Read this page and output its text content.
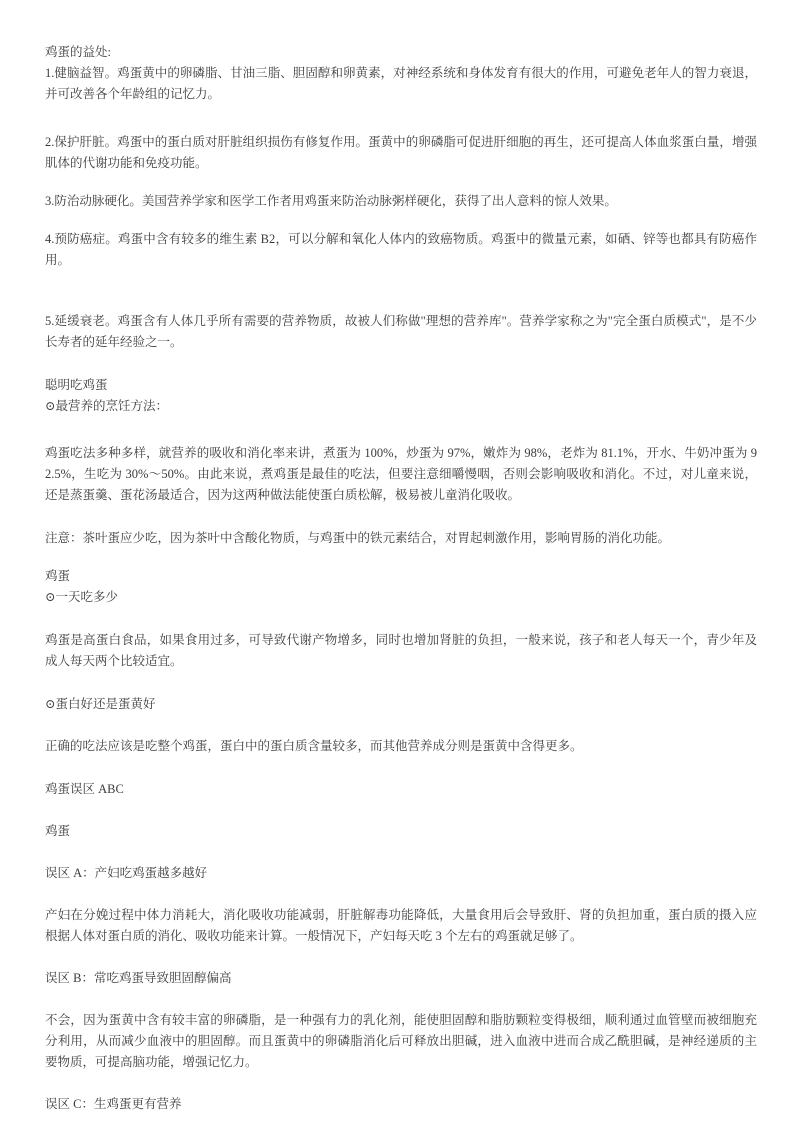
鸡蛋的益处:

1.健脑益智。鸡蛋黄中的卵磷脂、甘油三脂、胆固醇和卵黄素，对神经系统和身体发育有很大的作用，可避免老年人的智力衰退，并可改善各个年龄组的记忆力。

2.保护肝脏。鸡蛋中的蛋白质对肝脏组织损伤有修复作用。蛋黄中的卵磷脂可促进肝细胞的再生，还可提高人体血浆蛋白量，增强肌体的代谢功能和免疫功能。

3.防治动脉硬化。美国营养学家和医学工作者用鸡蛋来防治动脉粥样硬化，获得了出人意料的惊人效果。

4.预防癌症。鸡蛋中含有较多的维生素 B2，可以分解和氧化人体内的致癌物质。鸡蛋中的微量元素，如硒、锌等也都具有防癌作用。

5.延缓衰老。鸡蛋含有人体几乎所有需要的营养物质，故被人们称做"理想的营养库"。营养学家称之为"完全蛋白质模式"，是不少长寿者的延年经验之一。

聪明吃鸡蛋

⊙最营养的烹饪方法：

鸡蛋吃法多种多样，就营养的吸收和消化率来讲，煮蛋为 100%，炒蛋为 97%，嫩炸为 98%，老炸为 81.1%，开水、牛奶冲蛋为 92.5%，生吃为 30%～50%。由此来说，煮鸡蛋是最佳的吃法，但要注意细嚼慢咽，否则会影响吸收和消化。不过，对儿童来说，还是蒸蛋羹、蛋花汤最适合，因为这两种做法能使蛋白质松解，极易被儿童消化吸收。

注意：茶叶蛋应少吃，因为茶叶中含酸化物质，与鸡蛋中的铁元素结合，对胃起刺激作用，影响胃肠的消化功能。

鸡蛋

⊙一天吃多少

鸡蛋是高蛋白食品，如果食用过多，可导致代谢产物增多，同时也增加肾脏的负担，一般来说，孩子和老人每天一个，青少年及成人每天两个比较适宜。

⊙蛋白好还是蛋黄好

正确的吃法应该是吃整个鸡蛋，蛋白中的蛋白质含量较多，而其他营养成分则是蛋黄中含得更多。

鸡蛋误区 ABC

鸡蛋

误区 A：产妇吃鸡蛋越多越好

产妇在分娩过程中体力消耗大，消化吸收功能减弱，肝脏解毒功能降低，大量食用后会导致肝、肾的负担加重，蛋白质的摄入应根据人体对蛋白质的消化、吸收功能来计算。一般情况下，产妇每天吃 3 个左右的鸡蛋就足够了。

误区 B：常吃鸡蛋导致胆固醇偏高

不会，因为蛋黄中含有较丰富的卵磷脂，是一种强有力的乳化剂，能使胆固醇和脂肪颗粒变得极细，顺利通过血管壁而被细胞充分利用，从而减少血液中的胆固醇。而且蛋黄中的卵磷脂消化后可释放出胆碱，进入血液中进而合成乙酰胆碱，是神经递质的主要物质，可提高脑功能，增强记忆力。

误区 C：生鸡蛋更有营养
